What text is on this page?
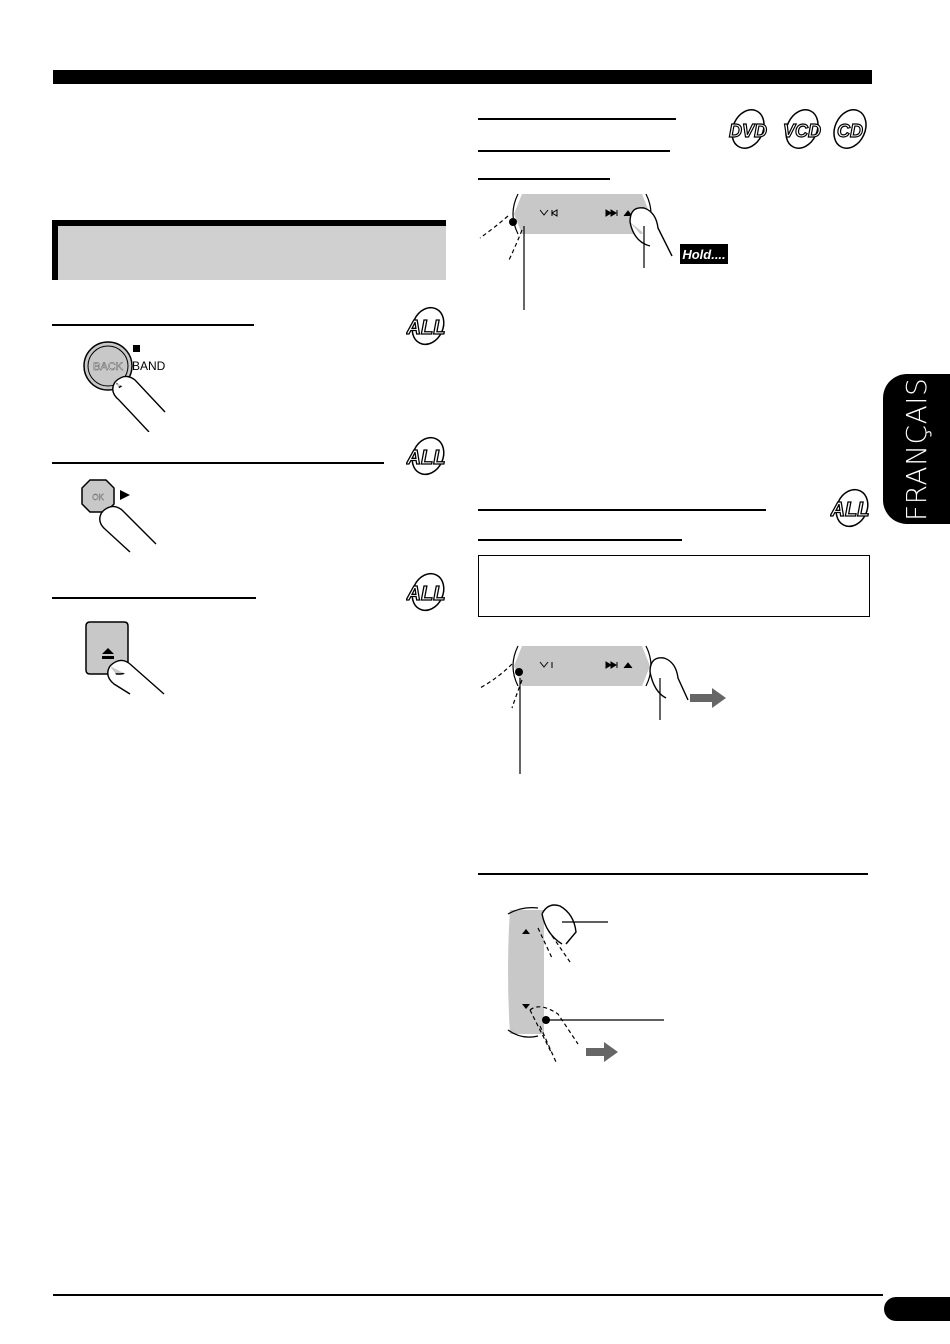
FRANÇAIS
ALL
ALL
ALL
ALL
DVD VCD CD
BACK BAND
OK
Hold....
